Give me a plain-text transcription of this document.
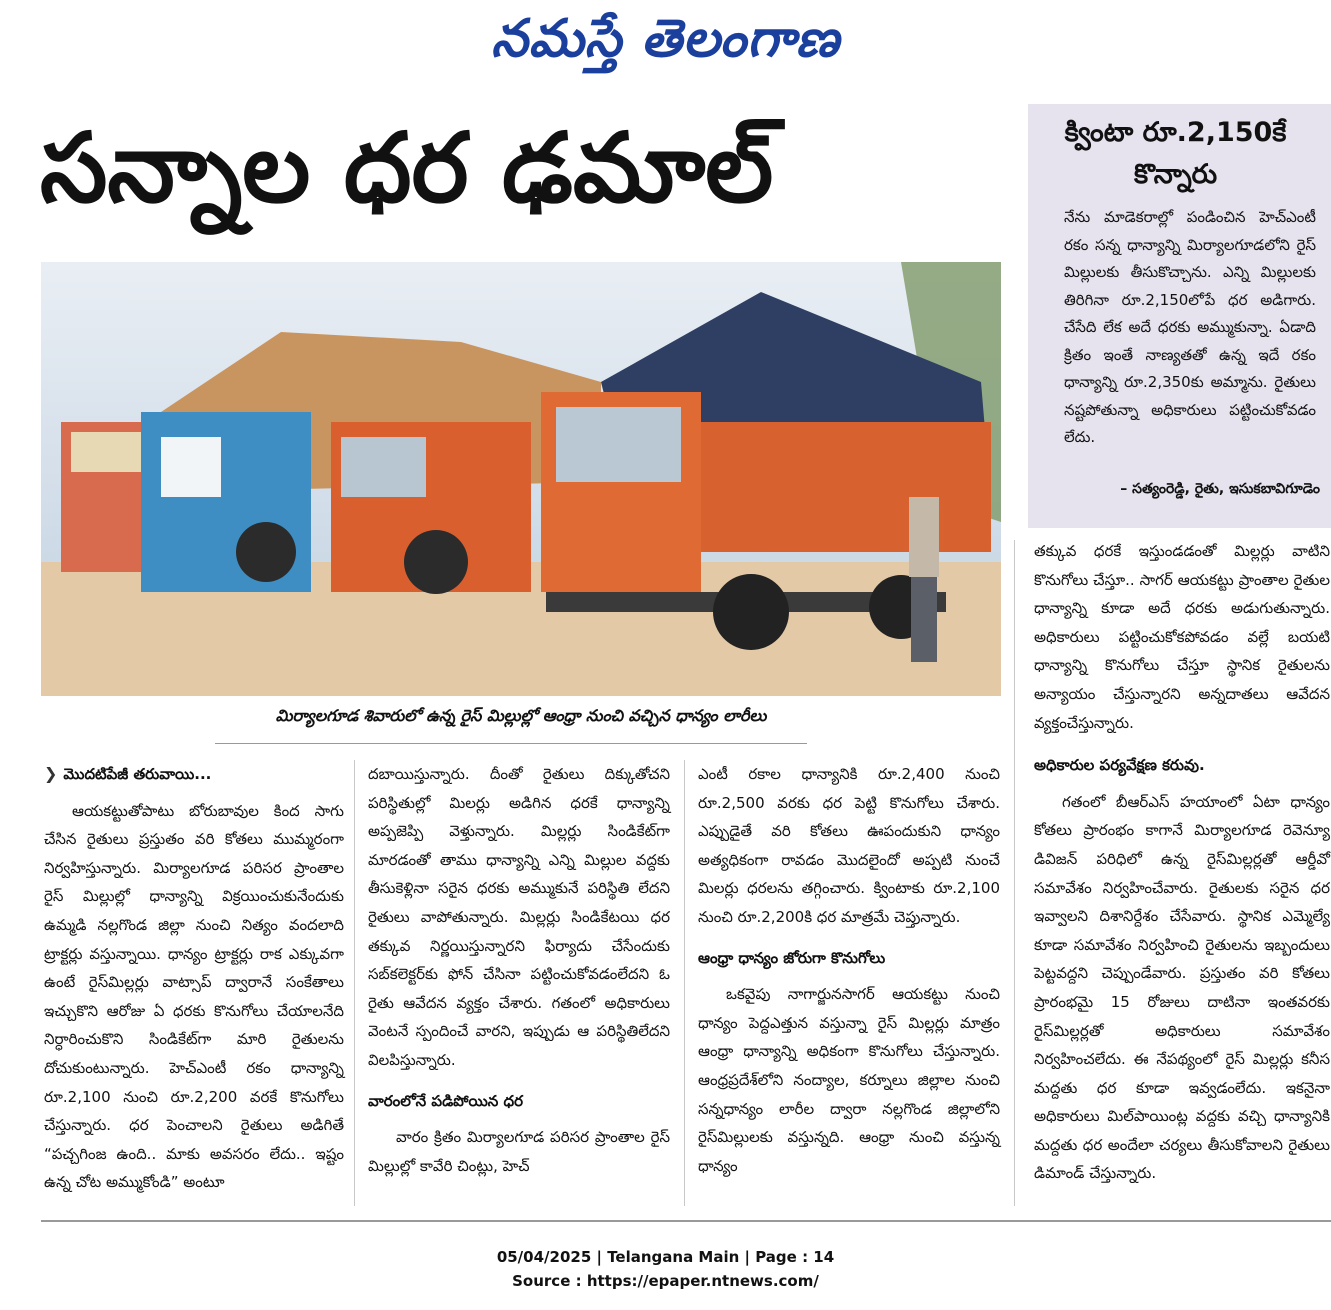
నమస్తే తెలంగాణ
సన్నాల ధర ఢమాల్
మిర్యాలగూడ శివారులో ఉన్న రైస్ మిల్లుల్లో ఆంధ్రా నుంచి వచ్చిన ధాన్యం లారీలు
క్వింటా రూ.2,150కే కొన్నారు
నేను మాడెకరాల్లో పండించిన హెచ్ఎంటీ రకం సన్న ధాన్యాన్ని మిర్యాలగూడలోని రైస్ మిల్లులకు తీసుకొచ్చాను. ఎన్ని మిల్లులకు తిరిగినా రూ.2,150లోపే ధర అడిగారు. చేసేది లేక అదే ధరకు అమ్ముకున్నా. ఏడాది క్రితం ఇంతే నాణ్యతతో ఉన్న ఇదే రకం ధాన్యాన్ని రూ.2,350కు అమ్మాను. రైతులు నష్టపోతున్నా అధికారులు పట్టించుకోవడం లేదు.
– సత్యంరెడ్డి, రైతు, ఇసుకబావిగూడెం
❯ మొదటిపేజీ తరువాయి...

ఆయకట్టుతోపాటు బోరుబావుల కింద సాగు చేసిన రైతులు ప్రస్తుతం వరి కోతలు ముమ్మరంగా నిర్వహిస్తున్నారు. మిర్యాలగూడ పరిసర ప్రాంతాల రైస్ మిల్లుల్లో ధాన్యాన్ని విక్రయించుకునేందుకు ఉమ్మడి నల్లగొండ జిల్లా నుంచి నిత్యం వందలాది ట్రాక్టర్లు వస్తున్నాయి. ధాన్యం ట్రాక్టర్లు రాక ఎక్కువగా ఉంటే రైస్‌మిల్లర్లు వాట్సాప్ ద్వారానే సంకేతాలు ఇచ్చుకొని ఆరోజు ఏ ధరకు కొనుగోలు చేయాలనేది నిర్ధారించుకొని సిండికేట్‌గా మారి రైతులను దోచుకుంటున్నారు. హెచ్ఎంటీ రకం ధాన్యాన్ని రూ.2,100 నుంచి రూ.2,200 వరకే కొనుగోలు చేస్తున్నారు. ధర పెంచాలని రైతులు అడిగితే “పచ్చగింజ ఉంది.. మాకు అవసరం లేదు.. ఇష్టం ఉన్న చోట అమ్ముకోండి” అంటూ

దబాయిస్తున్నారు. దీంతో రైతులు దిక్కుతోచని పరిస్థితుల్లో మిలర్లు అడిగిన ధరకే ధాన్యాన్ని అప్పజెప్పి వెళ్తున్నారు. మిల్లర్లు సిండికేట్‌గా మారడంతో తాము ధాన్యాన్ని ఎన్ని మిల్లుల వద్దకు తీసుకెళ్లినా సరైన ధరకు అమ్ముకునే పరిస్థితి లేదని రైతులు వాపోతున్నారు. మిల్లర్లు సిండికేటయి ధర తక్కువ నిర్ణయిస్తున్నారని ఫిర్యాదు చేసేందుకు సబ్‌కలెక్టర్‌కు ఫోన్ చేసినా పట్టించుకోవడంలేదని ఓ రైతు ఆవేదన వ్యక్తం చేశారు. గతంలో అధికారులు వెంటనే స్పందించే వారని, ఇప్పుడు ఆ పరిస్థితిలేదని విలపిస్తున్నారు.

వారంలోనే పడిపోయిన ధర

వారం క్రితం మిర్యాలగూడ పరిసర ప్రాంతాల రైస్ మిల్లుల్లో కావేరి చింట్లు, హెచ్

ఎంటీ రకాల ధాన్యానికి రూ.2,400 నుంచి రూ.2,500 వరకు ధర పెట్టి కొనుగోలు చేశారు. ఎప్పుడైతే వరి కోతలు ఊపందుకుని ధాన్యం అత్యధికంగా రావడం మొదలైందో అప్పటి నుంచే మిలర్లు ధరలను తగ్గించారు. క్వింటాకు రూ.2,100 నుంచి రూ.2,200కి ధర మాత్రమే చెప్తున్నారు.

ఆంధ్రా ధాన్యం జోరుగా కొనుగోలు

ఒకవైపు నాగార్జునసాగర్ ఆయకట్టు నుంచి ధాన్యం పెద్దఎత్తున వస్తున్నా రైస్ మిల్లర్లు మాత్రం ఆంధ్రా ధాన్యాన్ని అధికంగా కొనుగోలు చేస్తున్నారు. ఆంధ్రప్రదేశ్‌లోని నంద్యాల, కర్నూలు జిల్లాల నుంచి సన్నధాన్యం లారీల ద్వారా నల్లగొండ జిల్లాలోని రైస్‌మిల్లులకు వస్తున్నది. ఆంధ్రా నుంచి వస్తున్న ధాన్యం

తక్కువ ధరకే ఇస్తుండడంతో మిల్లర్లు వాటిని కొనుగోలు చేస్తూ.. సాగర్ ఆయకట్టు ప్రాంతాల రైతుల ధాన్యాన్ని కూడా అదే ధరకు అడుగుతున్నారు. అధికారులు పట్టించుకోకపోవడం వల్లే బయటి ధాన్యాన్ని కొనుగోలు చేస్తూ స్థానిక రైతులను అన్యాయం చేస్తున్నారని అన్నదాతలు ఆవేదన వ్యక్తంచేస్తున్నారు.

అధికారుల పర్యవేక్షణ కరువు.

గతంలో బీఆర్ఎస్ హయాంలో ఏటా ధాన్యం కోతలు ప్రారంభం కాగానే మిర్యాలగూడ రెవెన్యూ డివిజన్ పరిధిలో ఉన్న రైస్‌మిల్లర్లతో ఆర్డీవో సమావేశం నిర్వహించేవారు. రైతులకు సరైన ధర ఇవ్వాలని దిశానిర్దేశం చేసేవారు. స్థానిక ఎమ్మెల్యే కూడా సమావేశం నిర్వహించి రైతులను ఇబ్బందులు పెట్టవద్దని చెప్పుండేవారు. ప్రస్తుతం వరి కోతలు ప్రారంభమై 15 రోజులు దాటినా ఇంతవరకు రైస్‌మిల్లర్లతో అధికారులు సమావేశం నిర్వహించలేదు. ఈ నేపథ్యంలో రైస్ మిల్లర్లు కనీస మద్దతు ధర కూడా ఇవ్వడంలేదు. ఇకనైనా అధికారులు మిల్‌పాయింట్ల వద్దకు వచ్చి ధాన్యానికి మద్దతు ధర అందేలా చర్యలు తీసుకోవాలని రైతులు డిమాండ్ చేస్తున్నారు.

05/04/2025 | Telangana Main | Page : 14
Source : https://epaper.ntnews.com/
